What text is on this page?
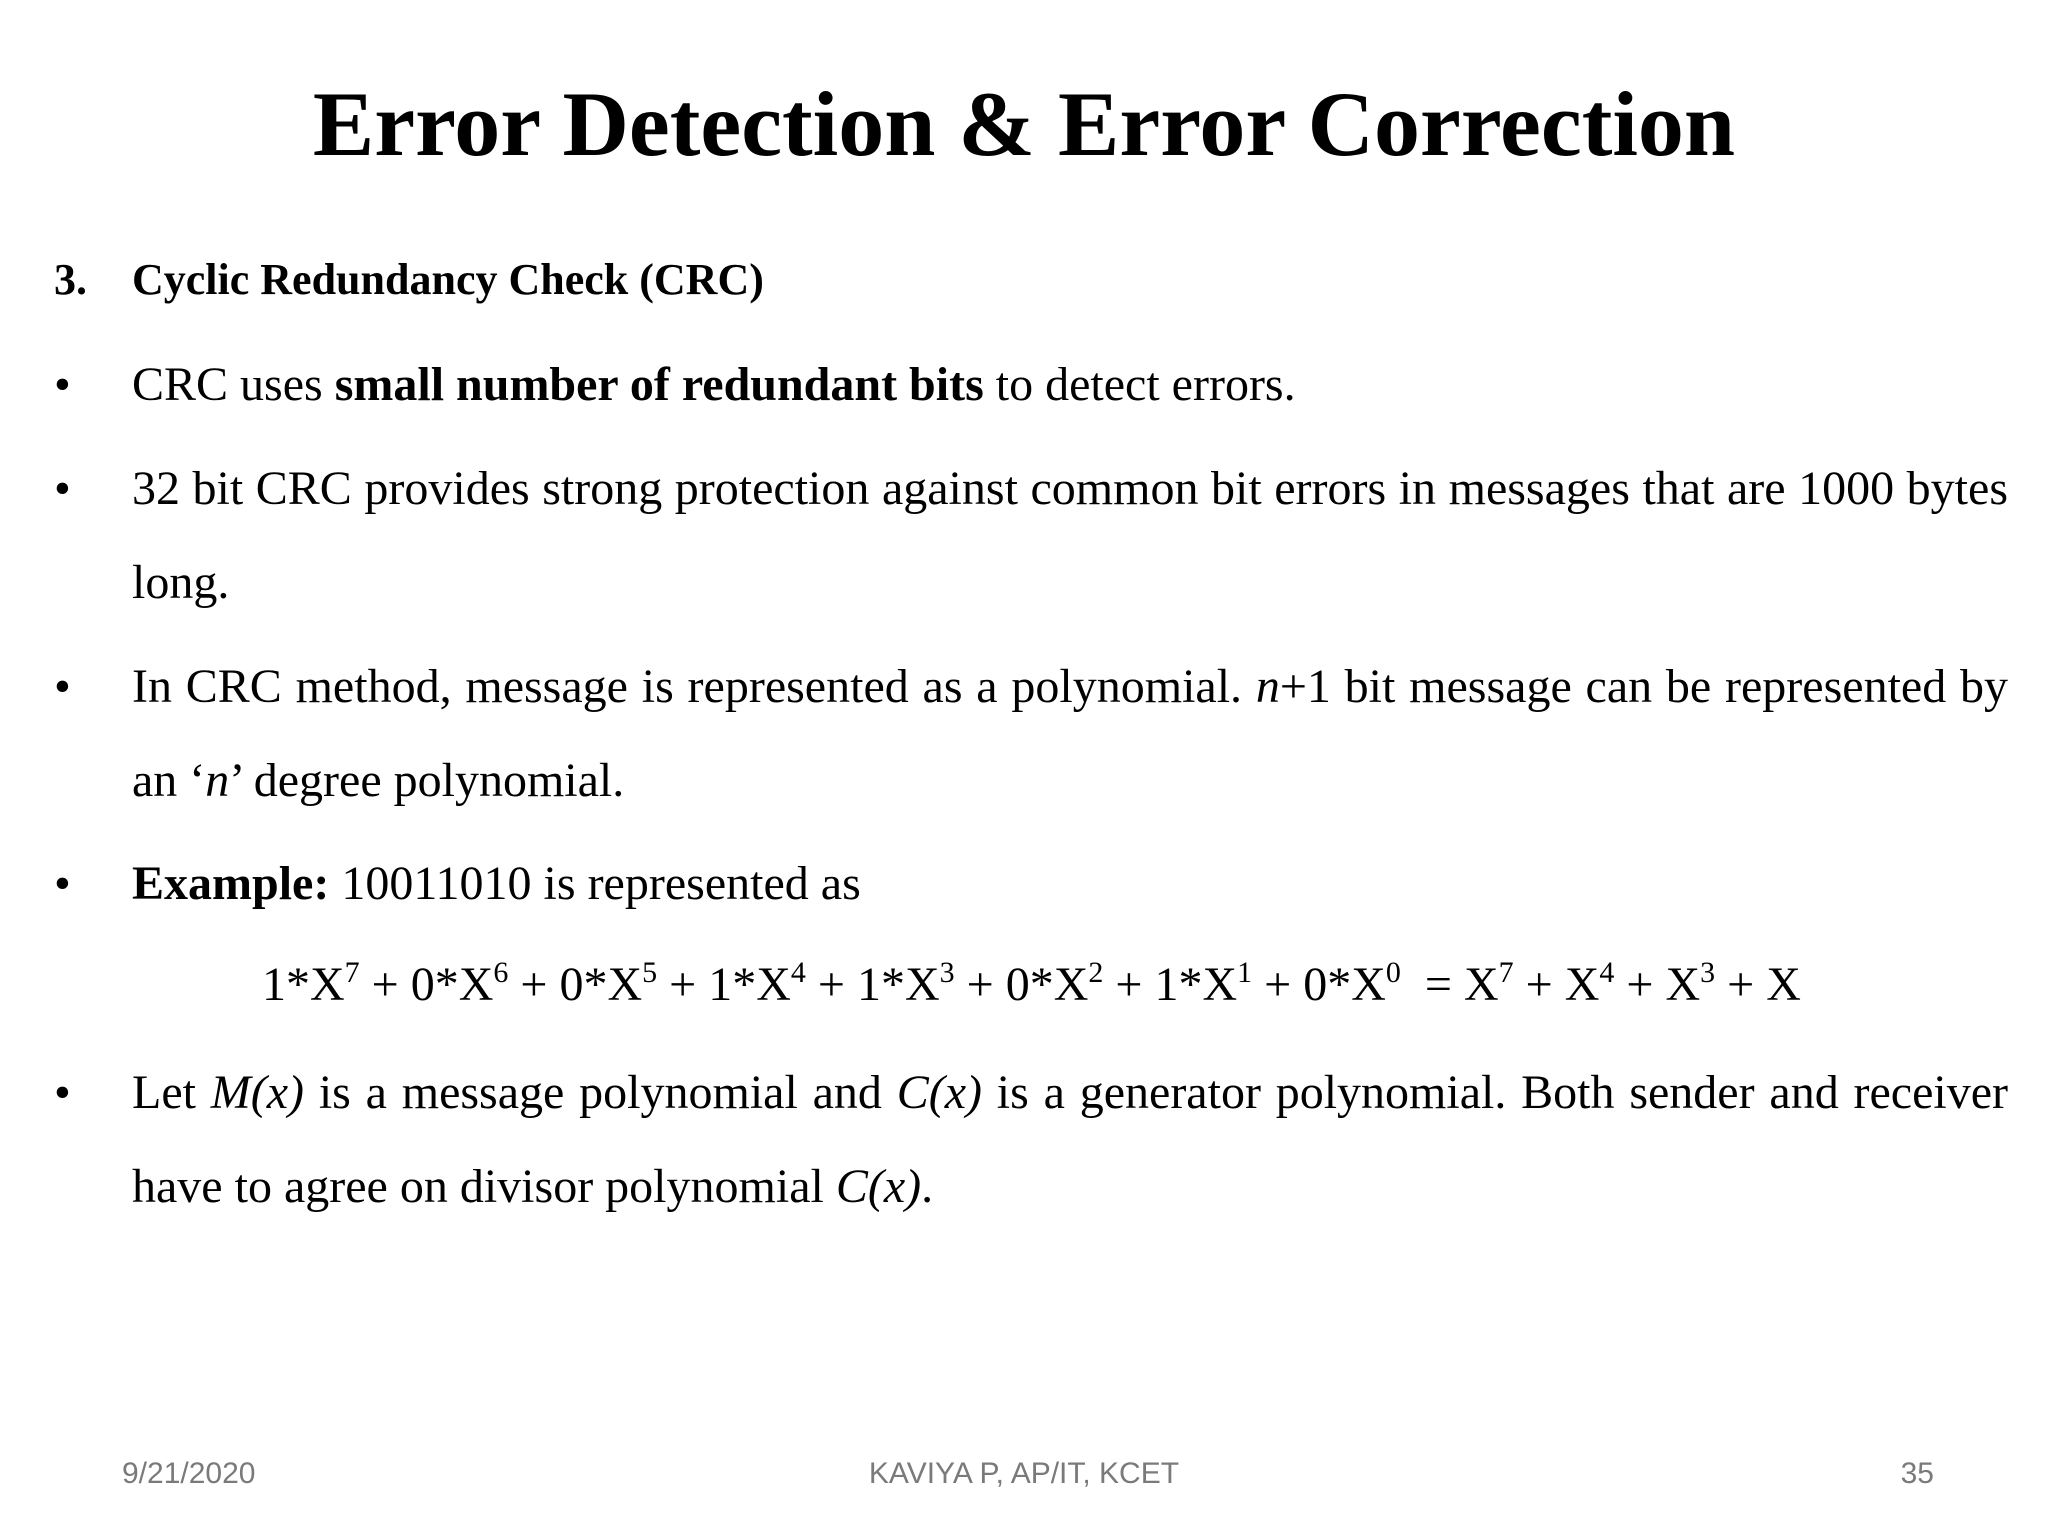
Error Detection & Error Correction
3. Cyclic Redundancy Check (CRC)
• CRC uses small number of redundant bits to detect errors.
• 32 bit CRC provides strong protection against common bit errors in messages that are 1000 bytes long.
• In CRC method, message is represented as a polynomial. n+1 bit message can be represented by an ‘n’ degree polynomial.
• Example: 10011010 is represented as
$1*X^7 + 0*X^6 + 0*X^5 + 1*X^4 + 1*X^3 + 0*X^2 + 1*X^1 + 0*X^0 = X^7 + X^4 + X^3 + X$
• Let M(x) is a message polynomial and C(x) is a generator polynomial. Both sender and receiver have to agree on divisor polynomial C(x).
9/21/2020	KAVIYA P, AP/IT, KCET	35
